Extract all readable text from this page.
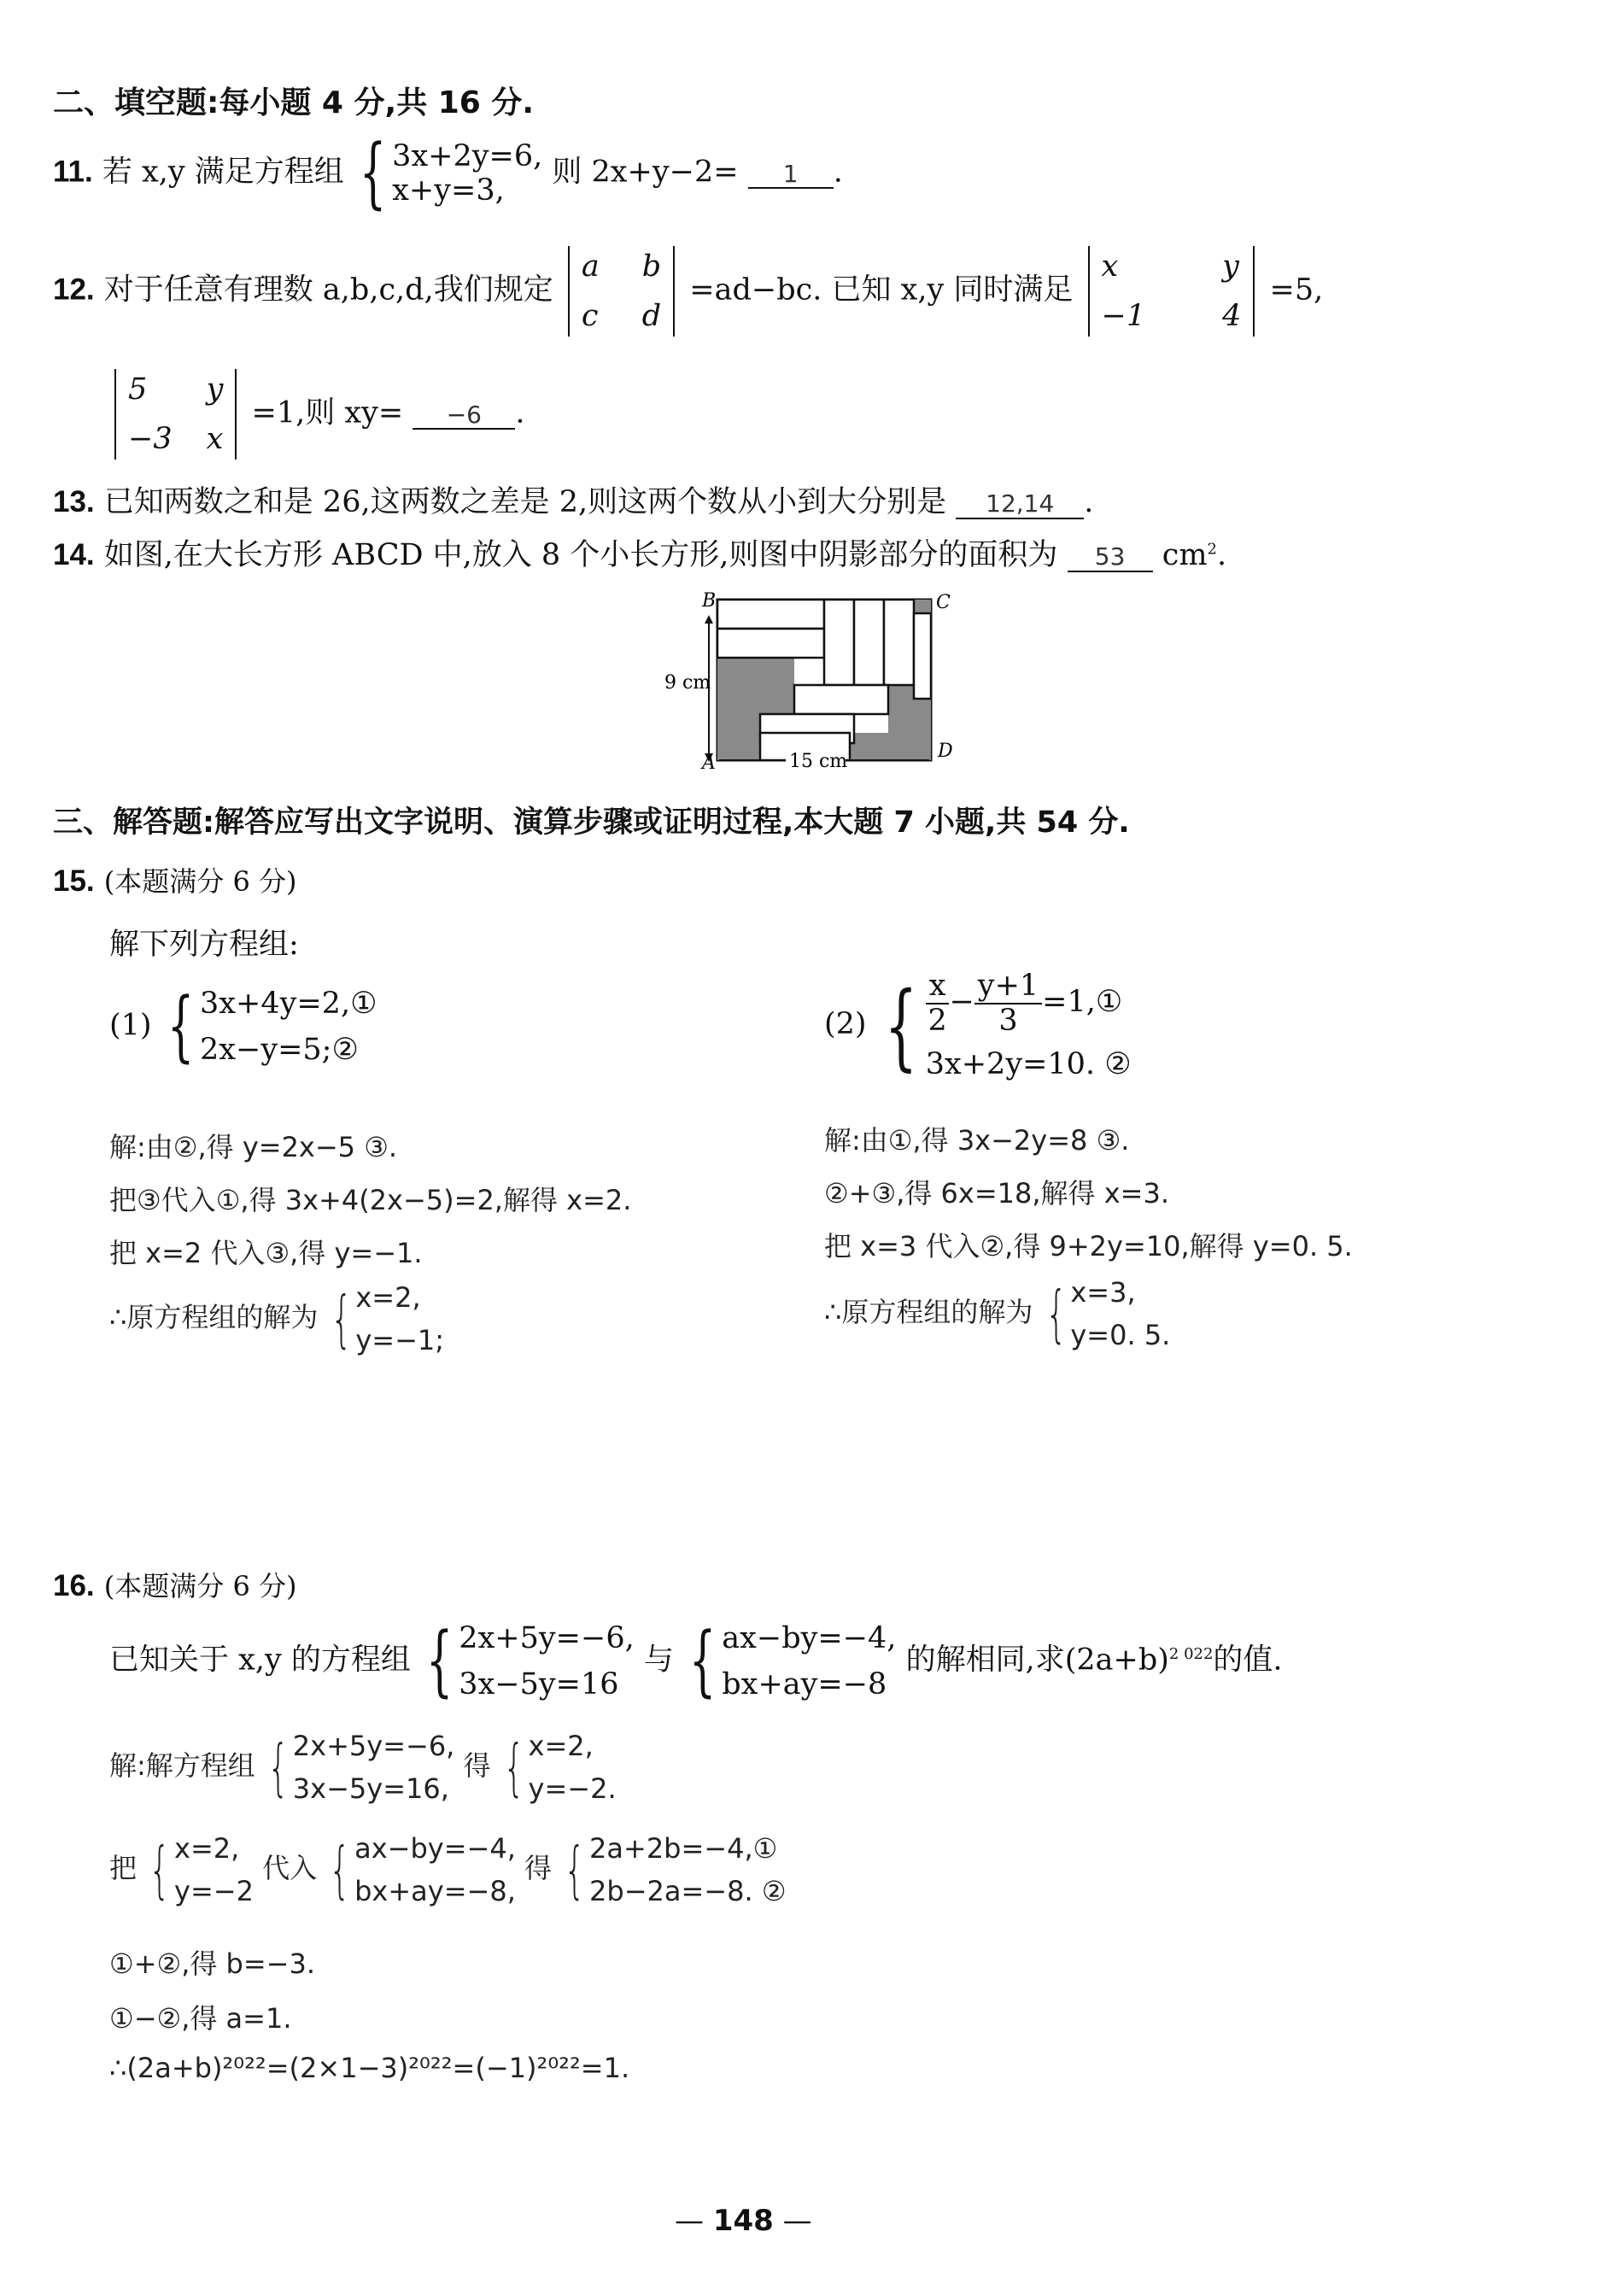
二、填空题:每小题 4 分,共 16 分.
11. 若 x,y 满足方程组 { 3x+2y=6,
x+y=3,
则 2x+y−2= 1 .
12. 对于任意有理数 a,b,c,d,我们规定
a b
c d
=ad−bc. 已知 x,y 同时满足
x	y
−1	4
=5,
5	y
−3 x
=1,则 xy= −6 .
13. 已知两数之和是 26,这两数之差是 2,则这两个数从小到大分别是 12,14 .
14. 如图,在大长方形 ABCD 中,放入 8 个小长方形,则图中阴影部分的面积为 53 $cm^2$.
B	C
A
D
9 cm
15 cm
三、解答题:解答应写出文字说明、演算步骤或证明过程,本大题 7 小题,共 54 分.
15. (本题满分 6 分)
解下列方程组:
(1) { 3x+4y=2,①
2x−y=5;②
解:由②,得 y=2x−5 ③.
把③代入①,得 3x+4(2x−5)=2,解得 x=2.
把 x=2 代入③,得 y=−1.
∴原方程组的解为 { x=2,
y=−1;
(2) { $\frac{x}{2} - \frac{y+1}{3}$ =1,①
3x+2y=10. ②
解:由①,得 3x−2y=8 ③.
②+③,得 6x=18,解得 x=3.
把 x=3 代入②,得 9+2y=10,解得 y=0. 5.
∴原方程组的解为 { x=3,
y=0. 5.
16. (本题满分 6 分)
已知关于 x,y 的方程组 { 2x+5y=−6,
3x−5y=16
与 { ax−by=−4,
bx+ay=−8
的解相同,求$(2a+b)^{2 022}$的值.
解:解方程组 { 2x+5y=−6,
3x−5y=16,
得 { x=2,
y=−2.
把 { x=2,
y=−2
代入 { ax−by=−4,
bx+ay=−8,
得 { 2a+2b=−4,①
2b−2a=−8. ②
①+②,得 b=−3.
①−②,得 a=1.
∴(2a+b)²⁰²²=(2×1−3)²⁰²²=(−1)²⁰²²=1.
— 148 —
